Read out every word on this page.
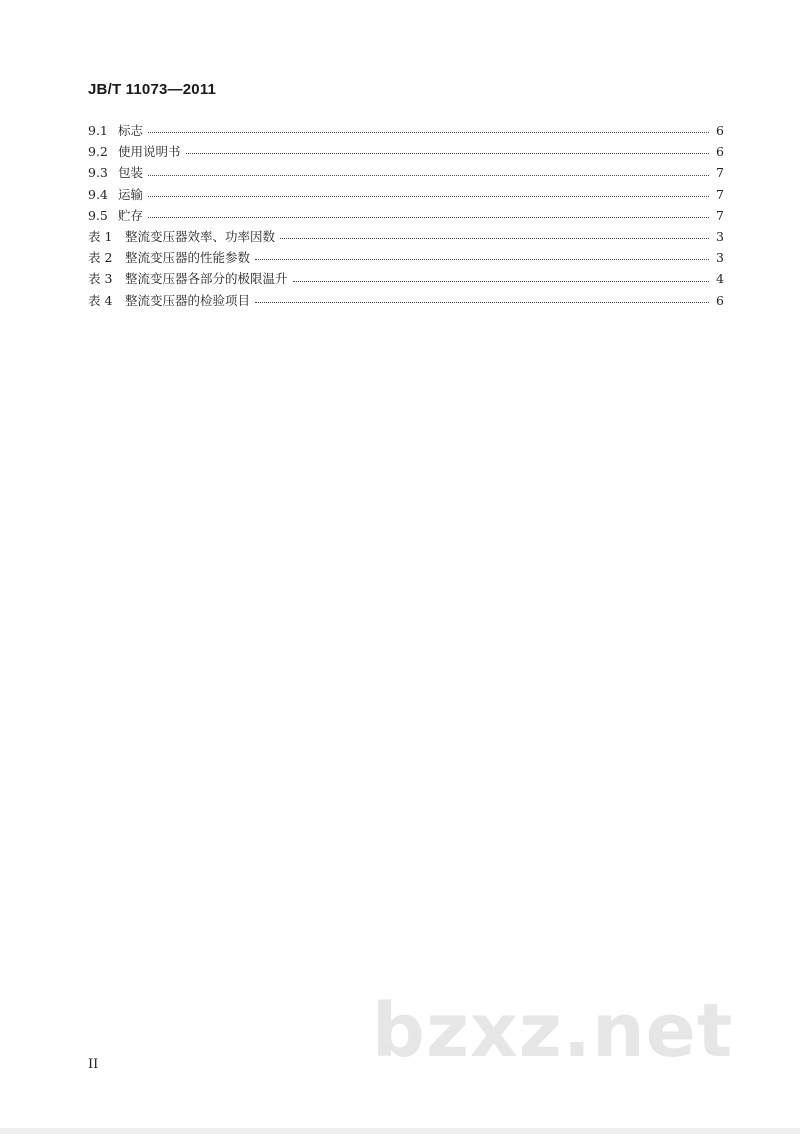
JB/T 11073—2011
9.1 标志	6
9.2 使用说明书	6
9.3 包装	7
9.4 运输	7
9.5 贮存	7
表 1	整流变压器效率、功率因数	3
表 2	整流变压器的性能参数	3
表 3	整流变压器各部分的极限温升	4
表 4	整流变压器的检验项目	6
bzxz.net
II
